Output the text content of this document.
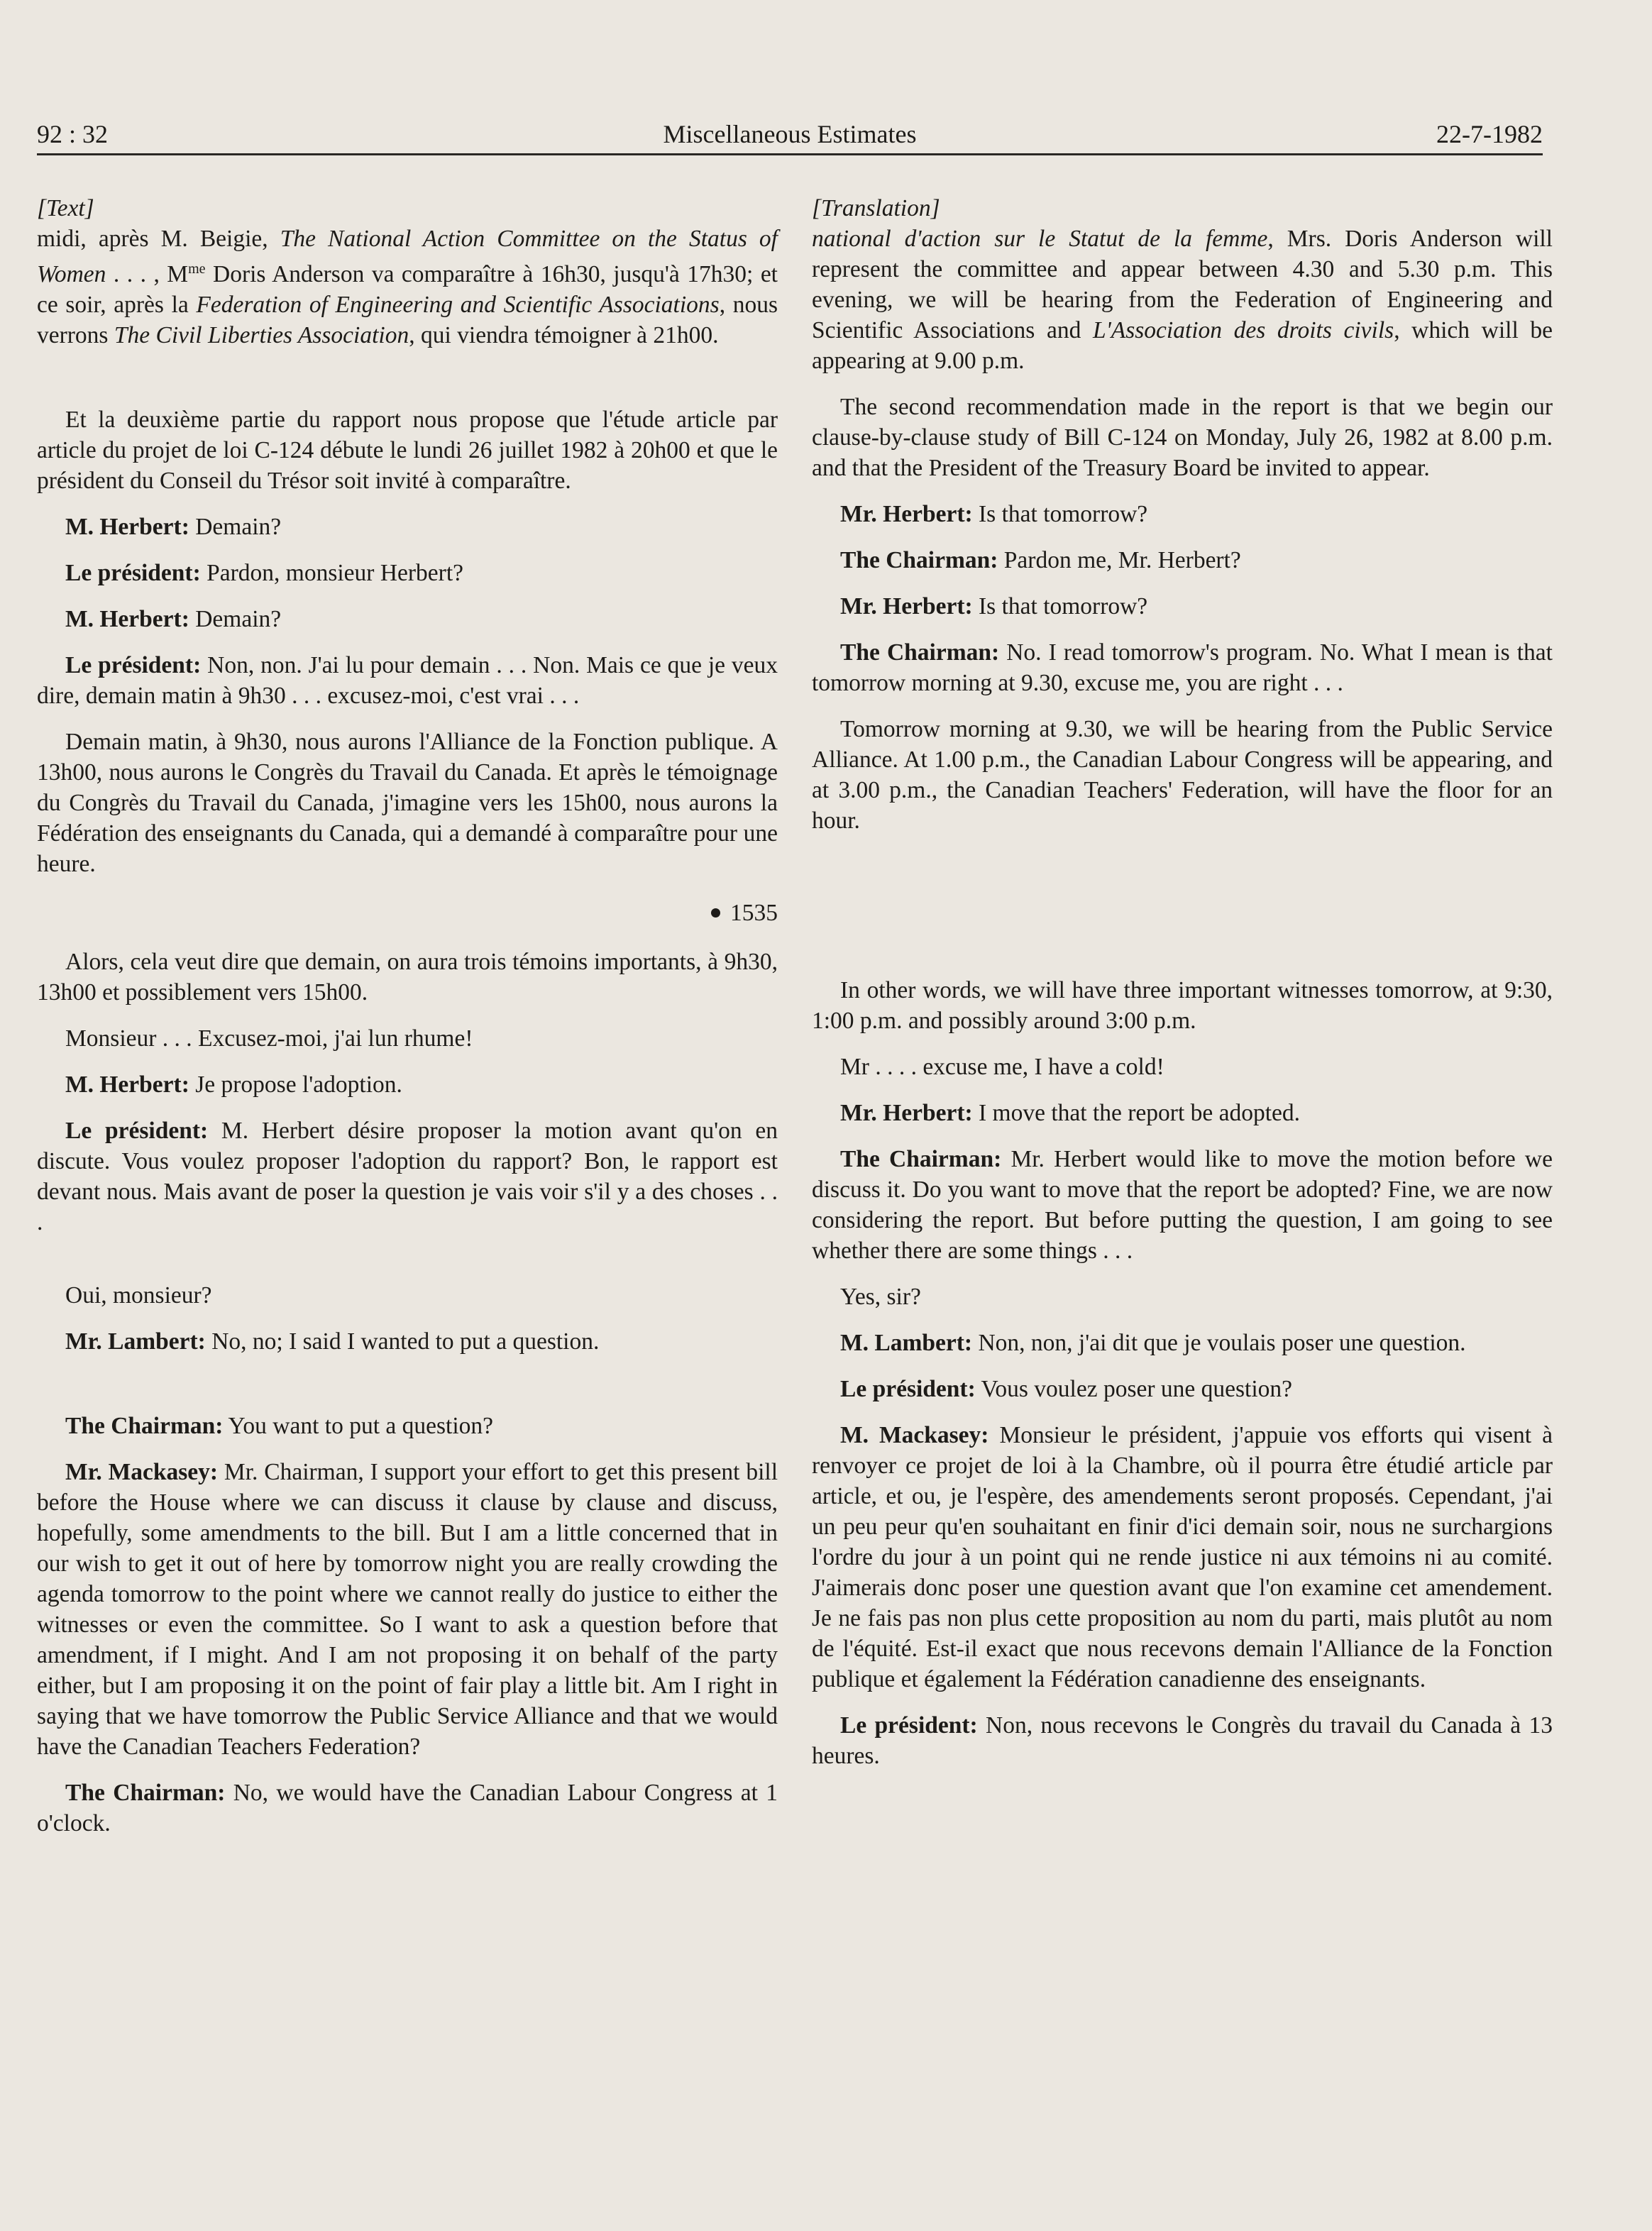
92 : 32	Miscellaneous Estimates	22-7-1982

[Text]

midi, après M. Beigie, The National Action Committee on the Status of Women . . . , $M^{me}$ Doris Anderson va comparaître à 16h30, jusqu'à 17h30; et ce soir, après la Federation of Engineering and Scientific Associations, nous verrons The Civil Liberties Association, qui viendra témoigner à 21h00.

Et la deuxième partie du rapport nous propose que l'étude article par article du projet de loi C-124 débute le lundi 26 juillet 1982 à 20h00 et que le président du Conseil du Trésor soit invité à comparaître.

M. Herbert: Demain?

Le président: Pardon, monsieur Herbert?

M. Herbert: Demain?

Le président: Non, non. J'ai lu pour demain . . . Non. Mais ce que je veux dire, demain matin à 9h30 . . . excusez-moi, c'est vrai . . .

Demain matin, à 9h30, nous aurons l'Alliance de la Fonction publique. A 13h00, nous aurons le Congrès du Travail du Canada. Et après le témoignage du Congrès du Travail du Canada, j'imagine vers les 15h00, nous aurons la Fédération des enseignants du Canada, qui a demandé à comparaître pour une heure.

1535

Alors, cela veut dire que demain, on aura trois témoins importants, à 9h30, 13h00 et possiblement vers 15h00.

Monsieur . . . Excusez-moi, j'ai lun rhume!

M. Herbert: Je propose l'adoption.

Le président: M. Herbert désire proposer la motion avant qu'on en discute. Vous voulez proposer l'adoption du rapport? Bon, le rapport est devant nous. Mais avant de poser la question je vais voir s'il y a des choses . . .

Oui, monsieur?

Mr. Lambert: No, no; I said I wanted to put a question.

The Chairman: You want to put a question?

Mr. Mackasey: Mr. Chairman, I support your effort to get this present bill before the House where we can discuss it clause by clause and discuss, hopefully, some amendments to the bill. But I am a little concerned that in our wish to get it out of here by tomorrow night you are really crowding the agenda tomorrow to the point where we cannot really do justice to either the witnesses or even the committee. So I want to ask a question before that amendment, if I might. And I am not proposing it on behalf of the party either, but I am proposing it on the point of fair play a little bit. Am I right in saying that we have tomorrow the Public Service Alliance and that we would have the Canadian Teachers Federation?

The Chairman: No, we would have the Canadian Labour Congress at 1 o'clock.

[Translation]

national d'action sur le Statut de la femme, Mrs. Doris Anderson will represent the committee and appear between 4.30 and 5.30 p.m. This evening, we will be hearing from the Federation of Engineering and Scientific Associations and L'Association des droits civils, which will be appearing at 9.00 p.m.

The second recommendation made in the report is that we begin our clause-by-clause study of Bill C-124 on Monday, July 26, 1982 at 8.00 p.m. and that the President of the Treasury Board be invited to appear.

Mr. Herbert: Is that tomorrow?

The Chairman: Pardon me, Mr. Herbert?

Mr. Herbert: Is that tomorrow?

The Chairman: No. I read tomorrow's program. No. What I mean is that tomorrow morning at 9.30, excuse me, you are right . . .

Tomorrow morning at 9.30, we will be hearing from the Public Service Alliance. At 1.00 p.m., the Canadian Labour Congress will be appearing, and at 3.00 p.m., the Canadian Teachers' Federation, will have the floor for an hour.

In other words, we will have three important witnesses tomorrow, at 9:30, 1:00 p.m. and possibly around 3:00 p.m.

Mr . . . . excuse me, I have a cold!

Mr. Herbert: I move that the report be adopted.

The Chairman: Mr. Herbert would like to move the motion before we discuss it. Do you want to move that the report be adopted? Fine, we are now considering the report. But before putting the question, I am going to see whether there are some things . . .

Yes, sir?

M. Lambert: Non, non, j'ai dit que je voulais poser une question.

Le président: Vous voulez poser une question?

M. Mackasey: Monsieur le président, j'appuie vos efforts qui visent à renvoyer ce projet de loi à la Chambre, où il pourra être étudié article par article, et ou, je l'espère, des amendements seront proposés. Cependant, j'ai un peu peur qu'en souhaitant en finir d'ici demain soir, nous ne surchargions l'ordre du jour à un point qui ne rende justice ni aux témoins ni au comité. J'aimerais donc poser une question avant que l'on examine cet amendement. Je ne fais pas non plus cette proposition au nom du parti, mais plutôt au nom de l'équité. Est-il exact que nous recevons demain l'Alliance de la Fonction publique et également la Fédération canadienne des enseignants.

Le président: Non, nous recevons le Congrès du travail du Canada à 13 heures.
